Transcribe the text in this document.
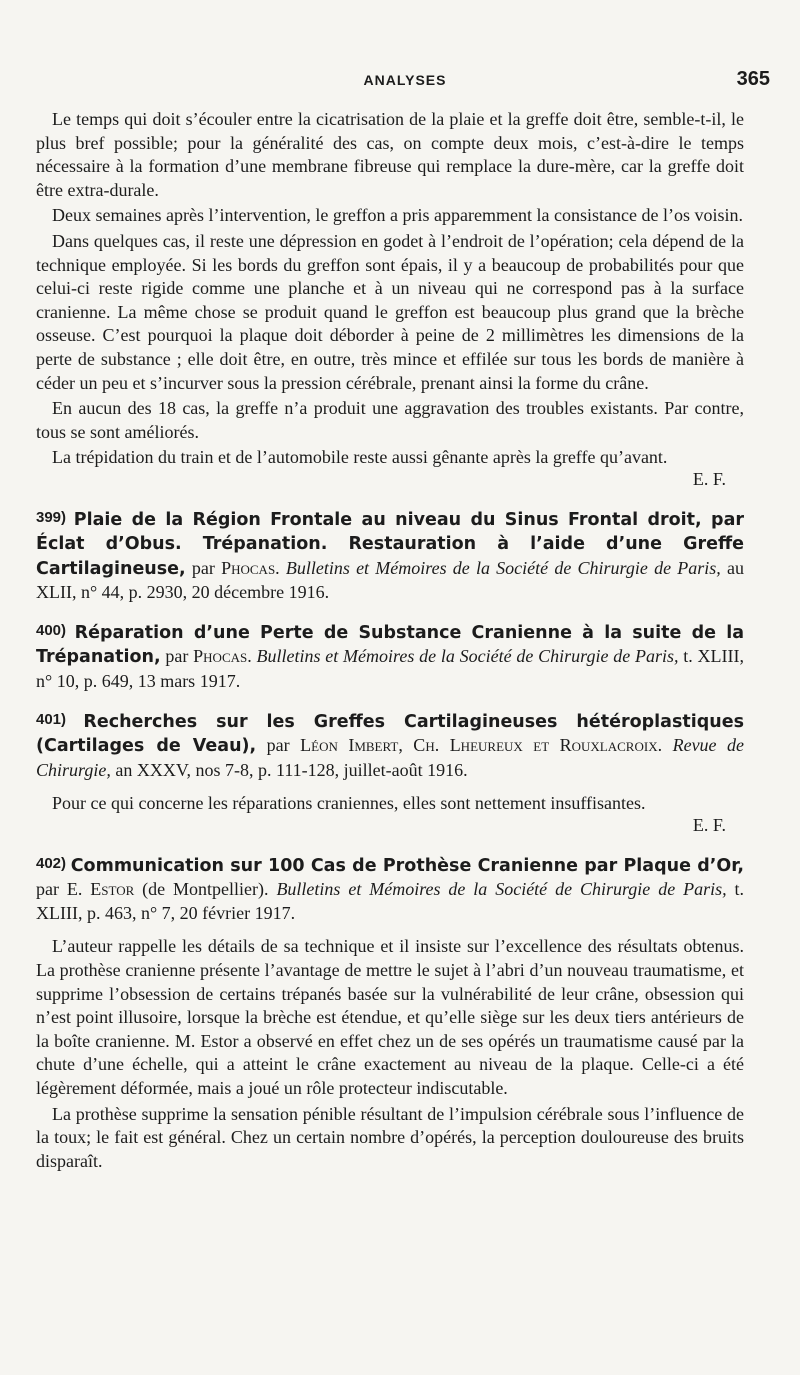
ANALYSES	365

Le temps qui doit s’écouler entre la cicatrisation de la plaie et la greffe doit être, semble-t-il, le plus bref possible; pour la généralité des cas, on compte deux mois, c’est-à-dire le temps nécessaire à la formation d’une membrane fibreuse qui remplace la dure-mère, car la greffe doit être extra-durale.

Deux semaines après l’intervention, le greffon a pris apparemment la consistance de l’os voisin.

Dans quelques cas, il reste une dépression en godet à l’endroit de l’opération; cela dépend de la technique employée. Si les bords du greffon sont épais, il y a beaucoup de probabilités pour que celui-ci reste rigide comme une planche et à un niveau qui ne correspond pas à la surface cranienne. La même chose se produit quand le greffon est beaucoup plus grand que la brèche osseuse. C’est pourquoi la plaque doit déborder à peine de 2 millimètres les dimensions de la perte de substance ; elle doit être, en outre, très mince et effilée sur tous les bords de manière à céder un peu et s’incurver sous la pression cérébrale, prenant ainsi la forme du crâne.

En aucun des 18 cas, la greffe n’a produit une aggravation des troubles existants. Par contre, tous se sont améliorés.

La trépidation du train et de l’automobile reste aussi gênante après la greffe qu’avant.

E. F.

399) Plaie de la Région Frontale au niveau du Sinus Frontal droit, par Éclat d’Obus. Trépanation. Restauration à l’aide d’une Greffe Cartilagineuse, par Phocas. Bulletins et Mémoires de la Société de Chirurgie de Paris, au XLII, n° 44, p. 2930, 20 décembre 1916.

400) Réparation d’une Perte de Substance Cranienne à la suite de la Trépanation, par Phocas. Bulletins et Mémoires de la Société de Chirurgie de Paris, t. XLIII, n° 10, p. 649, 13 mars 1917.

401) Recherches sur les Greffes Cartilagineuses hétéroplastiques (Cartilages de Veau), par Léon Imbert, Ch. Lheureux et Rouxlacroix. Revue de Chirurgie, an XXXV, nos 7-8, p. 111-128, juillet-août 1916.

Pour ce qui concerne les réparations craniennes, elles sont nettement insuffisantes.

E. F.

402) Communication sur 100 Cas de Prothèse Cranienne par Plaque d’Or, par E. Estor (de Montpellier). Bulletins et Mémoires de la Société de Chirurgie de Paris, t. XLIII, p. 463, n° 7, 20 février 1917.

L’auteur rappelle les détails de sa technique et il insiste sur l’excellence des résultats obtenus. La prothèse cranienne présente l’avantage de mettre le sujet à l’abri d’un nouveau traumatisme, et supprime l’obsession de certains trépanés basée sur la vulnérabilité de leur crâne, obsession qui n’est point illusoire, lorsque la brèche est étendue, et qu’elle siège sur les deux tiers antérieurs de la boîte cranienne. M. Estor a observé en effet chez un de ses opérés un traumatisme causé par la chute d’une échelle, qui a atteint le crâne exactement au niveau de la plaque. Celle-ci a été légèrement déformée, mais a joué un rôle protecteur indiscutable.

La prothèse supprime la sensation pénible résultant de l’impulsion cérébrale sous l’influence de la toux; le fait est général. Chez un certain nombre d’opérés, la perception douloureuse des bruits disparaît.
